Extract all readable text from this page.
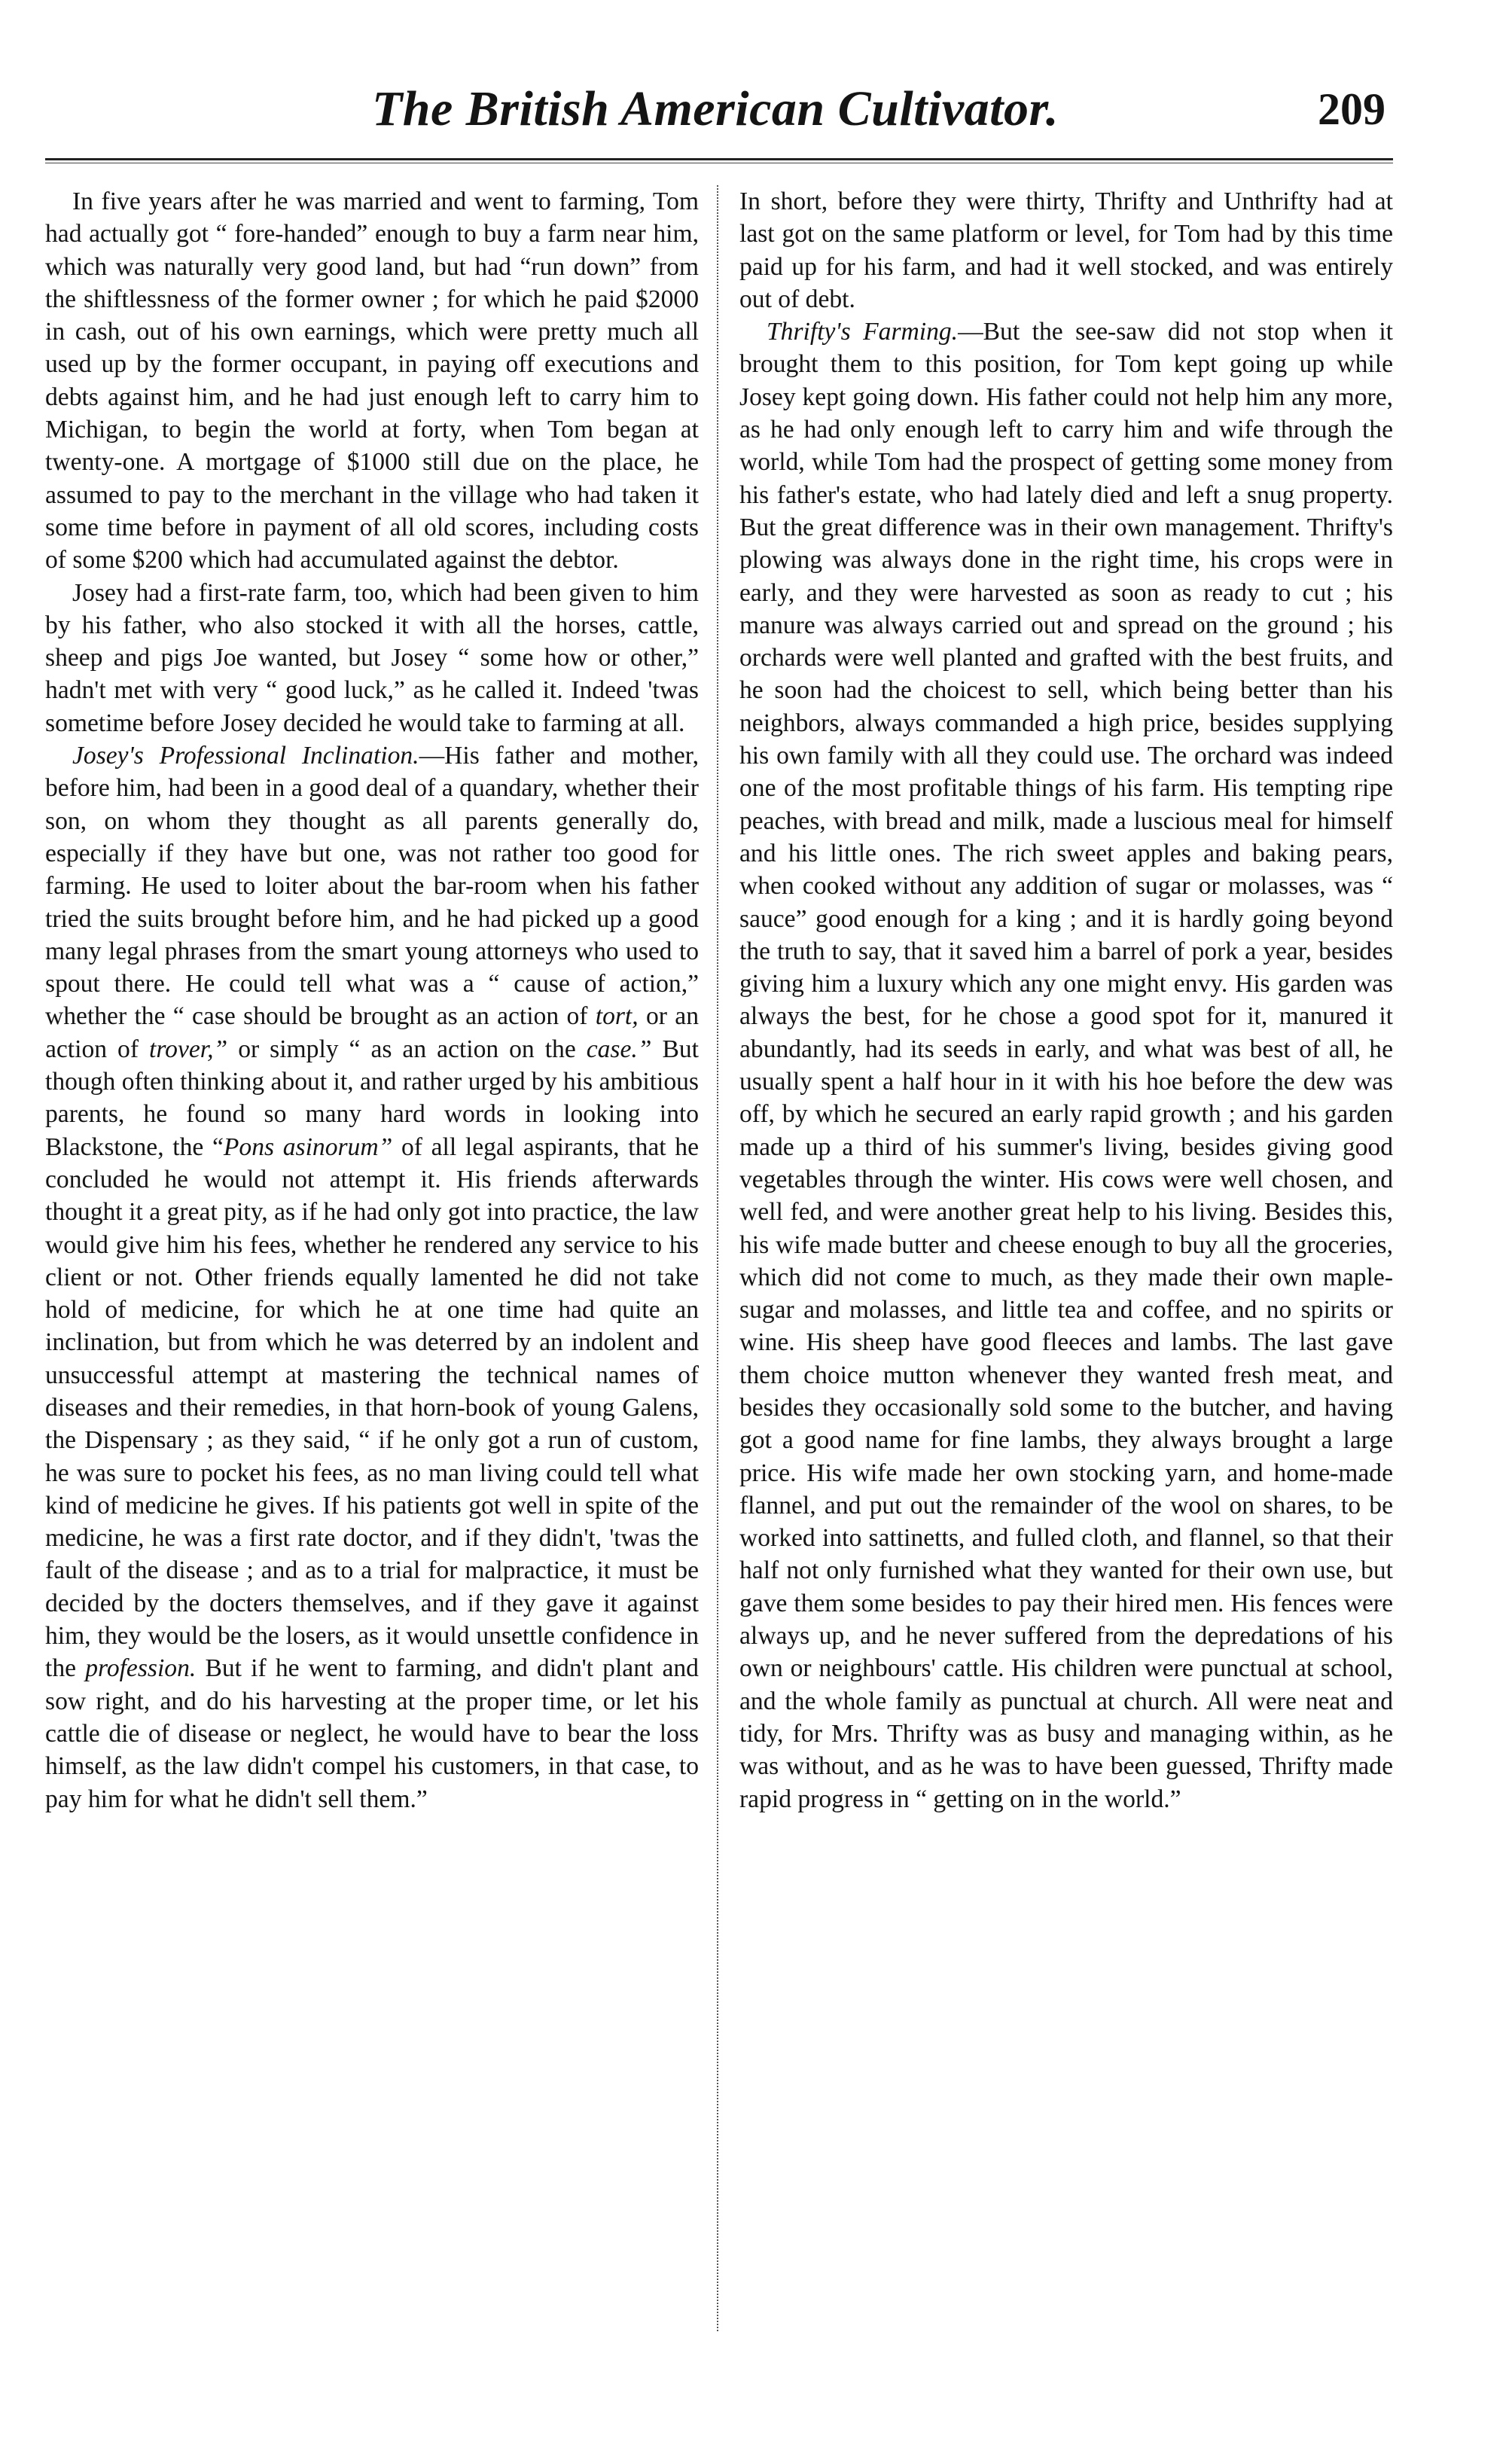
The British American Cultivator.	209

In five years after he was married and went to farming, Tom had actually got “ fore-handed” enough to buy a farm near him, which was naturally very good land, but had “run down” from the shiftlessness of the former owner ; for which he paid $2000 in cash, out of his own earnings, which were pretty much all used up by the former occupant, in paying off executions and debts against him, and he had just enough left to carry him to Michigan, to begin the world at forty, when Tom began at twenty-one. A mortgage of $1000 still due on the place, he assumed to pay to the merchant in the village who had taken it some time before in payment of all old scores, including costs of some $200 which had accumulated against the debtor.

Josey had a first-rate farm, too, which had been given to him by his father, who also stocked it with all the horses, cattle, sheep and pigs Joe wanted, but Josey “ some how or other,” hadn't met with very “ good luck,” as he called it. Indeed 'twas sometime before Josey decided he would take to farming at all.

Josey's Professional Inclination.—His father and mother, before him, had been in a good deal of a quandary, whether their son, on whom they thought as all parents generally do, especially if they have but one, was not rather too good for farming. He used to loiter about the bar-room when his father tried the suits brought before him, and he had picked up a good many legal phrases from the smart young attorneys who used to spout there. He could tell what was a “ cause of action,” whether the “ case should be brought as an action of tort, or an action of trover,” or simply “ as an action on the case.” But though often thinking about it, and rather urged by his ambitious parents, he found so many hard words in looking into Blackstone, the “Pons asinorum” of all legal aspirants, that he concluded he would not attempt it. His friends afterwards thought it a great pity, as if he had only got into practice, the law would give him his fees, whether he rendered any service to his client or not. Other friends equally lamented he did not take hold of medicine, for which he at one time had quite an inclination, but from which he was deterred by an indolent and unsuccessful attempt at mastering the technical names of diseases and their remedies, in that horn-book of young Galens, the Dispensary ; as they said, “ if he only got a run of custom, he was sure to pocket his fees, as no man living could tell what kind of medicine he gives. If his patients got well in spite of the medicine, he was a first rate doctor, and if they didn't, 'twas the fault of the disease ; and as to a trial for malpractice, it must be decided by the docters themselves, and if they gave it against him, they would be the losers, as it would unsettle confidence in the profession. But if he went to farming, and didn't plant and sow right, and do his harvesting at the proper time, or let his cattle die of disease or neglect, he would have to bear the loss himself, as the law didn't compel his customers, in that case, to pay him for what he didn't sell them.”

In short, before they were thirty, Thrifty and Unthrifty had at last got on the same platform or level, for Tom had by this time paid up for his farm, and had it well stocked, and was entirely out of debt.

Thrifty's Farming.—But the see-saw did not stop when it brought them to this position, for Tom kept going up while Josey kept going down. His father could not help him any more, as he had only enough left to carry him and wife through the world, while Tom had the prospect of getting some money from his father's estate, who had lately died and left a snug property. But the great difference was in their own management. Thrifty's plowing was always done in the right time, his crops were in early, and they were harvested as soon as ready to cut ; his manure was always carried out and spread on the ground ; his orchards were well planted and grafted with the best fruits, and he soon had the choicest to sell, which being better than his neighbors, always commanded a high price, besides supplying his own family with all they could use. The orchard was indeed one of the most profitable things of his farm. His tempting ripe peaches, with bread and milk, made a luscious meal for himself and his little ones. The rich sweet apples and baking pears, when cooked without any addition of sugar or molasses, was “ sauce” good enough for a king ; and it is hardly going beyond the truth to say, that it saved him a barrel of pork a year, besides giving him a luxury which any one might envy. His garden was always the best, for he chose a good spot for it, manured it abundantly, had its seeds in early, and what was best of all, he usually spent a half hour in it with his hoe before the dew was off, by which he secured an early rapid growth ; and his garden made up a third of his summer's living, besides giving good vegetables through the winter. His cows were well chosen, and well fed, and were another great help to his living. Besides this, his wife made butter and cheese enough to buy all the groceries, which did not come to much, as they made their own maple-sugar and molasses, and little tea and coffee, and no spirits or wine. His sheep have good fleeces and lambs. The last gave them choice mutton whenever they wanted fresh meat, and besides they occasionally sold some to the butcher, and having got a good name for fine lambs, they always brought a large price. His wife made her own stocking yarn, and home-made flannel, and put out the remainder of the wool on shares, to be worked into sattinetts, and fulled cloth, and flannel, so that their half not only furnished what they wanted for their own use, but gave them some besides to pay their hired men. His fences were always up, and he never suffered from the depredations of his own or neighbours' cattle. His children were punctual at school, and the whole family as punctual at church. All were neat and tidy, for Mrs. Thrifty was as busy and managing within, as he was without, and as he was to have been guessed, Thrifty made rapid progress in “ getting on in the world.”
